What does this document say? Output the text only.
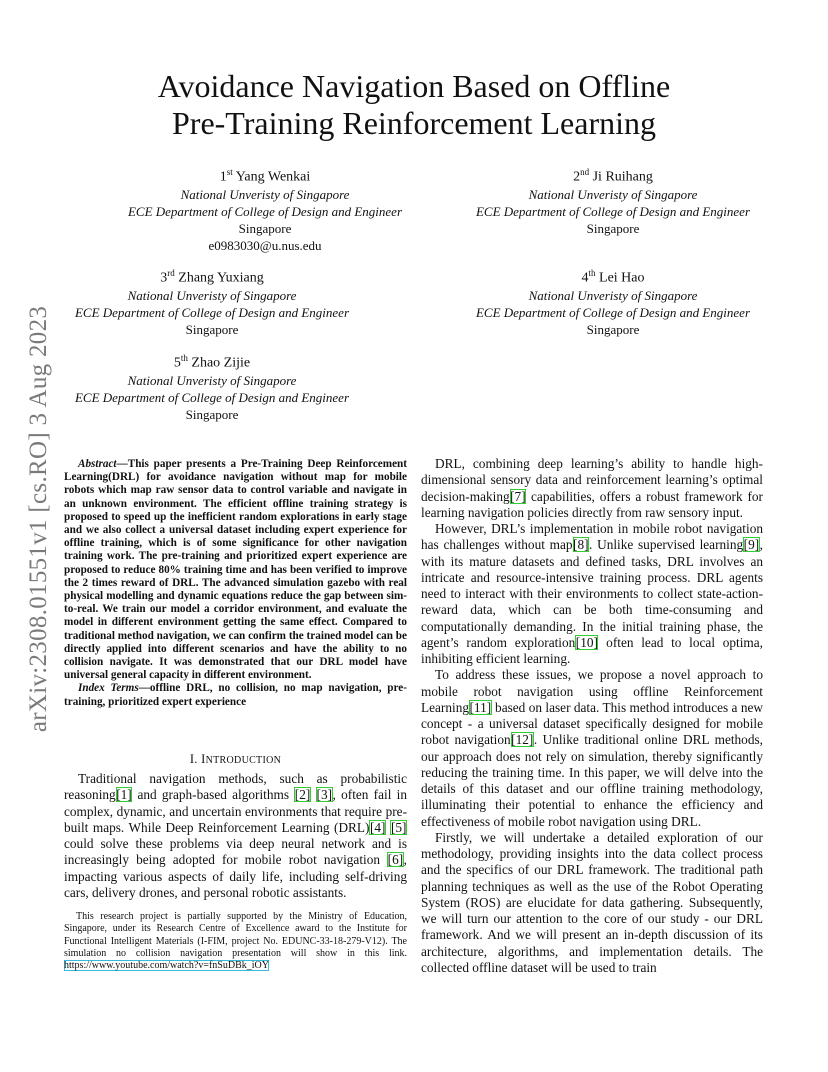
arXiv:2308.01551v1 [cs.RO] 3 Aug 2023
Avoidance Navigation Based on Offline
Pre-Training Reinforcement Learning
1st Yang Wenkai
National Unveristy of Singapore
ECE Department of College of Design and Engineer
Singapore
e0983030@u.nus.edu
2nd Ji Ruihang
National Unveristy of Singapore
ECE Department of College of Design and Engineer
Singapore
3rd Zhang Yuxiang
National Unveristy of Singapore
ECE Department of College of Design and Engineer
Singapore
4th Lei Hao
National Unveristy of Singapore
ECE Department of College of Design and Engineer
Singapore
5th Zhao Zijie
National Unveristy of Singapore
ECE Department of College of Design and Engineer
Singapore
Abstract—This paper presents a Pre-Training Deep Reinforcement Learning(DRL) for avoidance navigation without map for mobile robots which map raw sensor data to control variable and navigate in an unknown environment. The efficient offline training strategy is proposed to speed up the inefficient random explorations in early stage and we also collect a universal dataset including expert experience for offline training, which is of some significance for other navigation training work. The pre-training and prioritized expert experience are proposed to reduce 80% training time and has been verified to improve the 2 times reward of DRL. The advanced simulation gazebo with real physical modelling and dynamic equations reduce the gap between sim-to-real. We train our model a corridor environment, and evaluate the model in different environment getting the same effect. Compared to traditional method navigation, we can confirm the trained model can be directly applied into different scenarios and have the ability to no collision navigate. It was demonstrated that our DRL model have universal general capacity in different environment.
Index Terms—offline DRL, no collision, no map navigation, pre-training, prioritized expert experience
I. INTRODUCTION

Traditional navigation methods, such as probabilistic reasoning[1] and graph-based algorithms [2] [3], often fail in complex, dynamic, and uncertain environments that require pre-built maps. While Deep Reinforcement Learning (DRL)[4] [5] could solve these problems via deep neural network and is increasingly being adopted for mobile robot navigation [6], impacting various aspects of daily life, including self-driving cars, delivery drones, and personal robotic assistants.

This research project is partially supported by the Ministry of Education, Singapore, under its Research Centre of Excellence award to the Institute for Functional Intelligent Materials (I-FIM, project No. EDUNC-33-18-279-V12). The simulation no collision navigation presentation will show in this link. https://www.youtube.com/watch?v=fnSuDBk_iOY

DRL, combining deep learning’s ability to handle high-dimensional sensory data and reinforcement learning’s optimal decision-making[7] capabilities, offers a robust framework for learning navigation policies directly from raw sensory input.

However, DRL’s implementation in mobile robot navigation has challenges without map[8]. Unlike supervised learning[9], with its mature datasets and defined tasks, DRL involves an intricate and resource-intensive training process. DRL agents need to interact with their environments to collect state-action-reward data, which can be both time-consuming and computationally demanding. In the initial training phase, the agent’s random exploration[10] often lead to local optima, inhibiting efficient learning.

To address these issues, we propose a novel approach to mobile robot navigation using offline Reinforcement Learning[11] based on laser data. This method introduces a new concept - a universal dataset specifically designed for mobile robot navigation[12]. Unlike traditional online DRL methods, our approach does not rely on simulation, thereby significantly reducing the training time. In this paper, we will delve into the details of this dataset and our offline training methodology, illuminating their potential to enhance the efficiency and effectiveness of mobile robot navigation using DRL.

Firstly, we will undertake a detailed exploration of our methodology, providing insights into the data collect process and the specifics of our DRL framework. The traditional path planning techniques as well as the use of the Robot Operating System (ROS) are elucidate for data gathering. Subsequently, we will turn our attention to the core of our study - our DRL framework. And we will present an in-depth discussion of its architecture, algorithms, and implementation details. The collected offline dataset will be used to train
